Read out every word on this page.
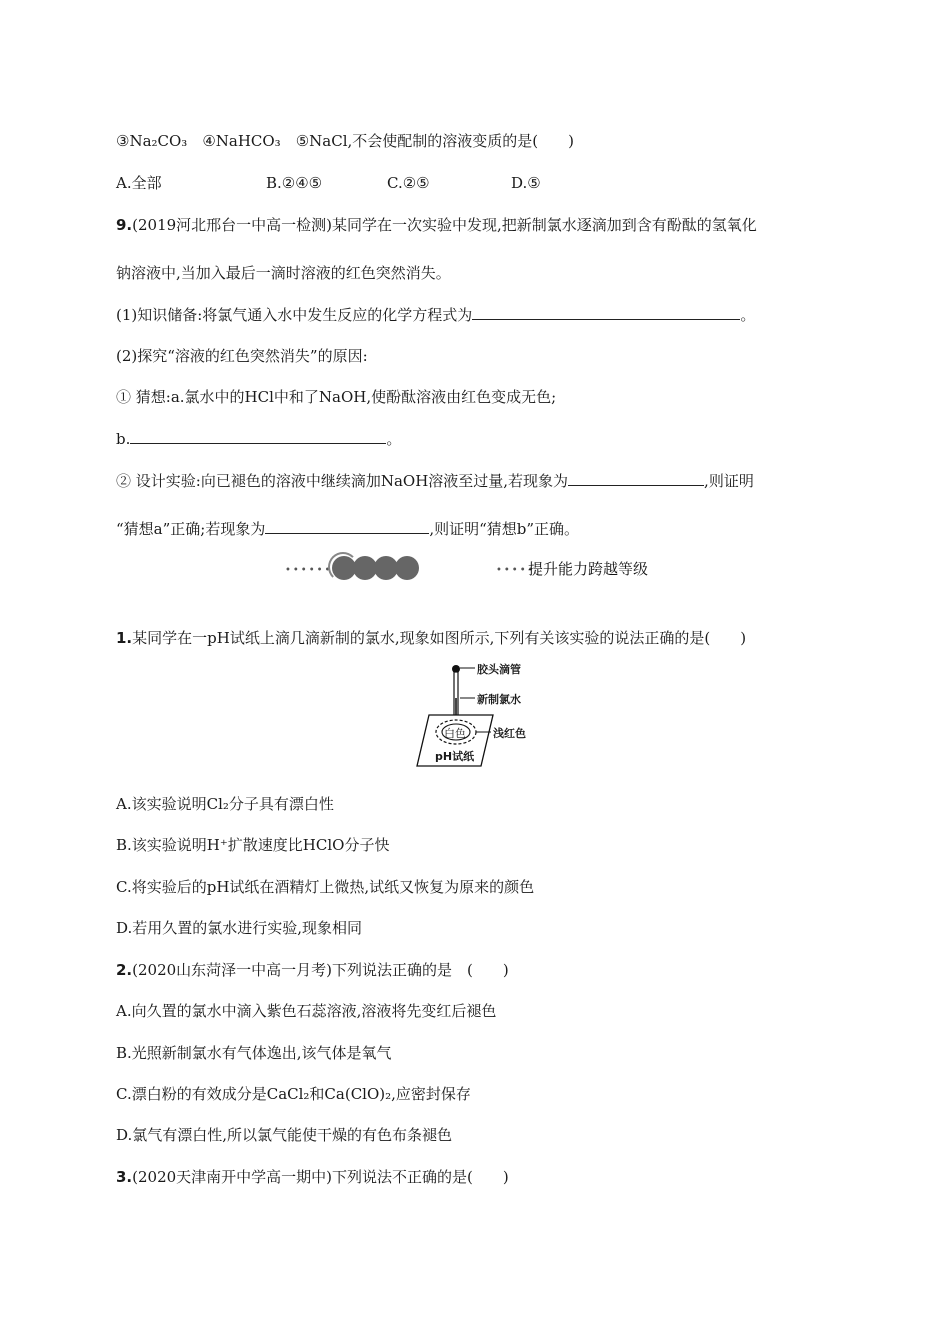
③Na₂CO₃　④NaHCO₃　⑤NaCl,不会使配制的溶液变质的是(　　)
A.全部	B.②④⑤	C.②⑤	D.⑤
9.(2019河北邢台一中高一检测)某同学在一次实验中发现,把新制氯水逐滴加到含有酚酞的氢氧化
钠溶液中,当加入最后一滴时溶液的红色突然消失。
(1)知识储备:将氯气通入水中发生反应的化学方程式为	。
(2)探究“溶液的红色突然消失”的原因:
① 猜想:a.氯水中的HCl中和了NaOH,使酚酞溶液由红色变成无色;
b.	。
② 设计实验:向已褪色的溶液中继续滴加NaOH溶液至过量,若现象为	,则证明
“猜想a”正确;若现象为	,则证明“猜想b”正确。
••••••	•••••
提升能力跨越等级
1.某同学在一pH试纸上滴几滴新制的氯水,现象如图所示,下列有关该实验的说法正确的是(　　)
胶头滴管
新制氯水
白色 浅红色
pH试纸
A.该实验说明Cl₂分子具有漂白性
B.该实验说明H⁺扩散速度比HClO分子快
C.将实验后的pH试纸在酒精灯上微热,试纸又恢复为原来的颜色
D.若用久置的氯水进行实验,现象相同
2.(2020山东菏泽一中高一月考)下列说法正确的是　(　　)
A.向久置的氯水中滴入紫色石蕊溶液,溶液将先变红后褪色
B.光照新制氯水有气体逸出,该气体是氧气
C.漂白粉的有效成分是CaCl₂和Ca(ClO)₂,应密封保存
D.氯气有漂白性,所以氯气能使干燥的有色布条褪色
3.(2020天津南开中学高一期中)下列说法不正确的是(　　)
